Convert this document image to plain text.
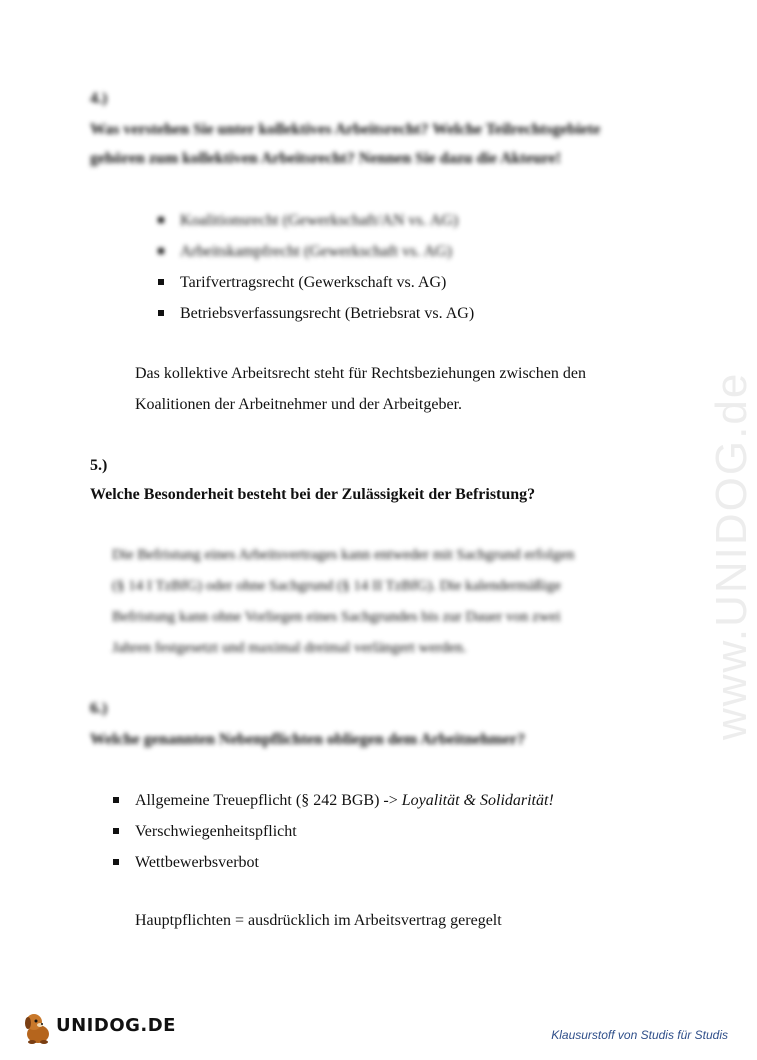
www.UNIDOG.de
4.)
Was verstehen Sie unter kollektives Arbeitsrecht? Welche Teilrechtsgebiete
gehören zum kollektiven Arbeitsrecht? Nennen Sie dazu die Akteure!
Koalitionsrecht (Gewerkschaft/AN vs. AG)
Arbeitskampfrecht (Gewerkschaft vs. AG)
Tarifvertragsrecht (Gewerkschaft vs. AG)
Betriebsverfassungsrecht (Betriebsrat vs. AG)
Das kollektive Arbeitsrecht steht für Rechtsbeziehungen zwischen den
Koalitionen der Arbeitnehmer und der Arbeitgeber.
5.)
Welche Besonderheit besteht bei der Zulässigkeit der Befristung?
Die Befristung eines Arbeitsvertrages kann entweder mit Sachgrund erfolgen
(§ 14 I TzBfG) oder ohne Sachgrund (§ 14 II TzBfG). Die kalendermäßige
Befristung kann ohne Vorliegen eines Sachgrundes bis zur Dauer von zwei
Jahren festgesetzt und maximal dreimal verlängert werden.
6.)
Welche genannten Nebenpflichten obliegen dem Arbeitnehmer?
Allgemeine Treuepflicht (§ 242 BGB) -> Loyalität & Solidarität!
Verschwiegenheitspflicht
Wettbewerbsverbot
Hauptpflichten = ausdrücklich im Arbeitsvertrag geregelt
UNIDOG.DE	Klausurstoff von Studis für Studis
